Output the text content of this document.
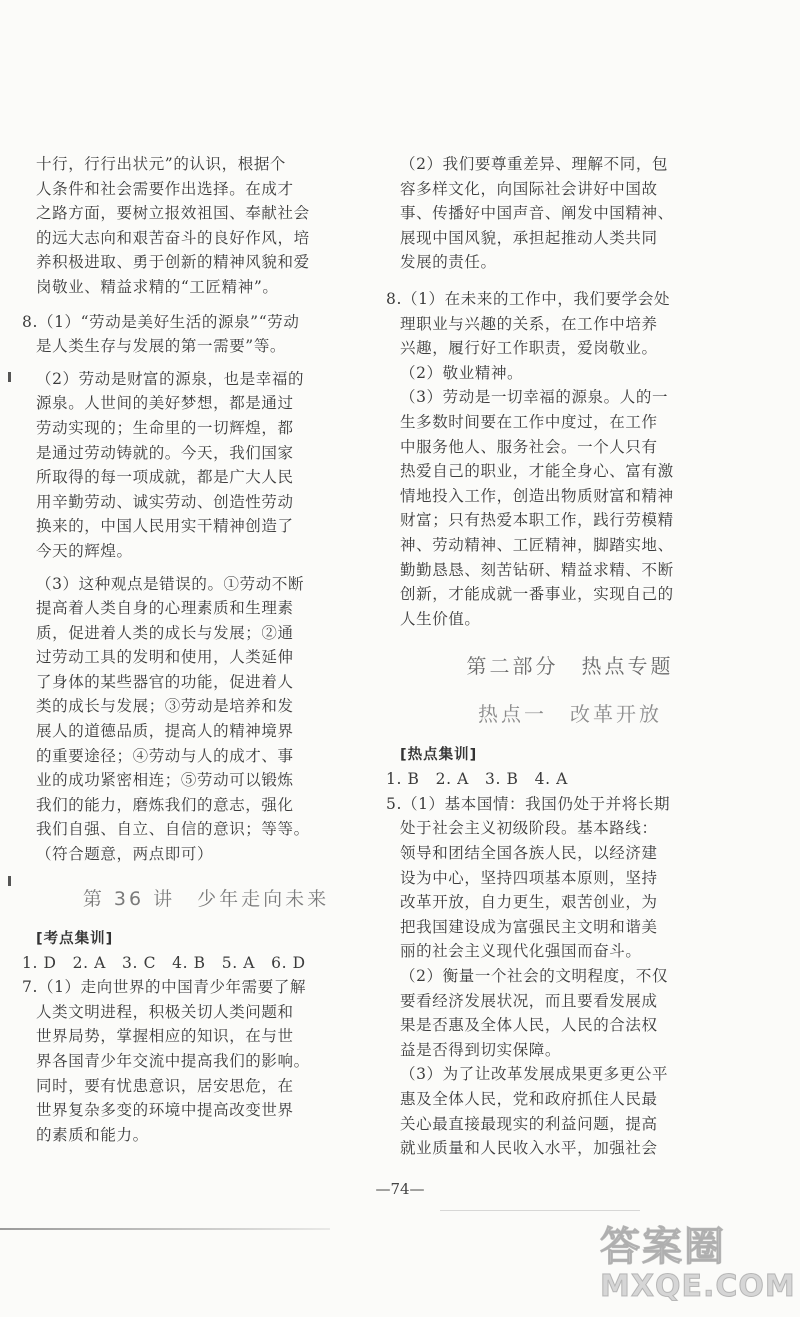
十行，行行出状元”的认识，根据个
人条件和社会需要作出选择。在成才
之路方面，要树立报效祖国、奉献社会
的远大志向和艰苦奋斗的良好作风，培
养积极进取、勇于创新的精神风貌和爱
岗敬业、精益求精的“工匠精神”。
8.（1）“劳动是美好生活的源泉”“劳动
是人类生存与发展的第一需要”等。
（2）劳动是财富的源泉，也是幸福的
源泉。人世间的美好梦想，都是通过
劳动实现的；生命里的一切辉煌，都
是通过劳动铸就的。今天，我们国家
所取得的每一项成就，都是广大人民
用辛勤劳动、诚实劳动、创造性劳动
换来的，中国人民用实干精神创造了
今天的辉煌。
（3）这种观点是错误的。①劳动不断
提高着人类自身的心理素质和生理素
质，促进着人类的成长与发展；②通
过劳动工具的发明和使用，人类延伸
了身体的某些器官的功能，促进着人
类的成长与发展；③劳动是培养和发
展人的道德品质，提高人的精神境界
的重要途径；④劳动与人的成才、事
业的成功紧密相连；⑤劳动可以锻炼
我们的能力，磨炼我们的意志，强化
我们自强、自立、自信的意识；等等。
（符合题意，两点即可）
第 36 讲　少年走向未来
[考点集训]
1. D　2. A　3. C　4. B　5. A　6. D
7.（1）走向世界的中国青少年需要了解
人类文明进程，积极关切人类问题和
世界局势，掌握相应的知识，在与世
界各国青少年交流中提高我们的影响。
同时，要有忧患意识，居安思危，在
世界复杂多变的环境中提高改变世界
的素质和能力。
（2）我们要尊重差异、理解不同，包
容多样文化，向国际社会讲好中国故
事、传播好中国声音、阐发中国精神、
展现中国风貌，承担起推动人类共同
发展的责任。
8.（1）在未来的工作中，我们要学会处
理职业与兴趣的关系，在工作中培养
兴趣，履行好工作职责，爱岗敬业。
（2）敬业精神。
（3）劳动是一切幸福的源泉。人的一
生多数时间要在工作中度过，在工作
中服务他人、服务社会。一个人只有
热爱自己的职业，才能全身心、富有激
情地投入工作，创造出物质财富和精神
财富；只有热爱本职工作，践行劳模精
神、劳动精神、工匠精神，脚踏实地、
勤勤恳恳、刻苦钻研、精益求精、不断
创新，才能成就一番事业，实现自己的
人生价值。
第二部分　热点专题
热点一　改革开放
[热点集训]
1. B　2. A　3. B　4. A
5.（1）基本国情：我国仍处于并将长期
处于社会主义初级阶段。基本路线：
领导和团结全国各族人民，以经济建
设为中心，坚持四项基本原则，坚持
改革开放，自力更生，艰苦创业，为
把我国建设成为富强民主文明和谐美
丽的社会主义现代化强国而奋斗。
（2）衡量一个社会的文明程度，不仅
要看经济发展状况，而且要看发展成
果是否惠及全体人民，人民的合法权
益是否得到切实保障。
（3）为了让改革发展成果更多更公平
惠及全体人民，党和政府抓住人民最
关心最直接最现实的利益问题，提高
就业质量和人民收入水平，加强社会
—74—
答案圈
MXQE.COM
